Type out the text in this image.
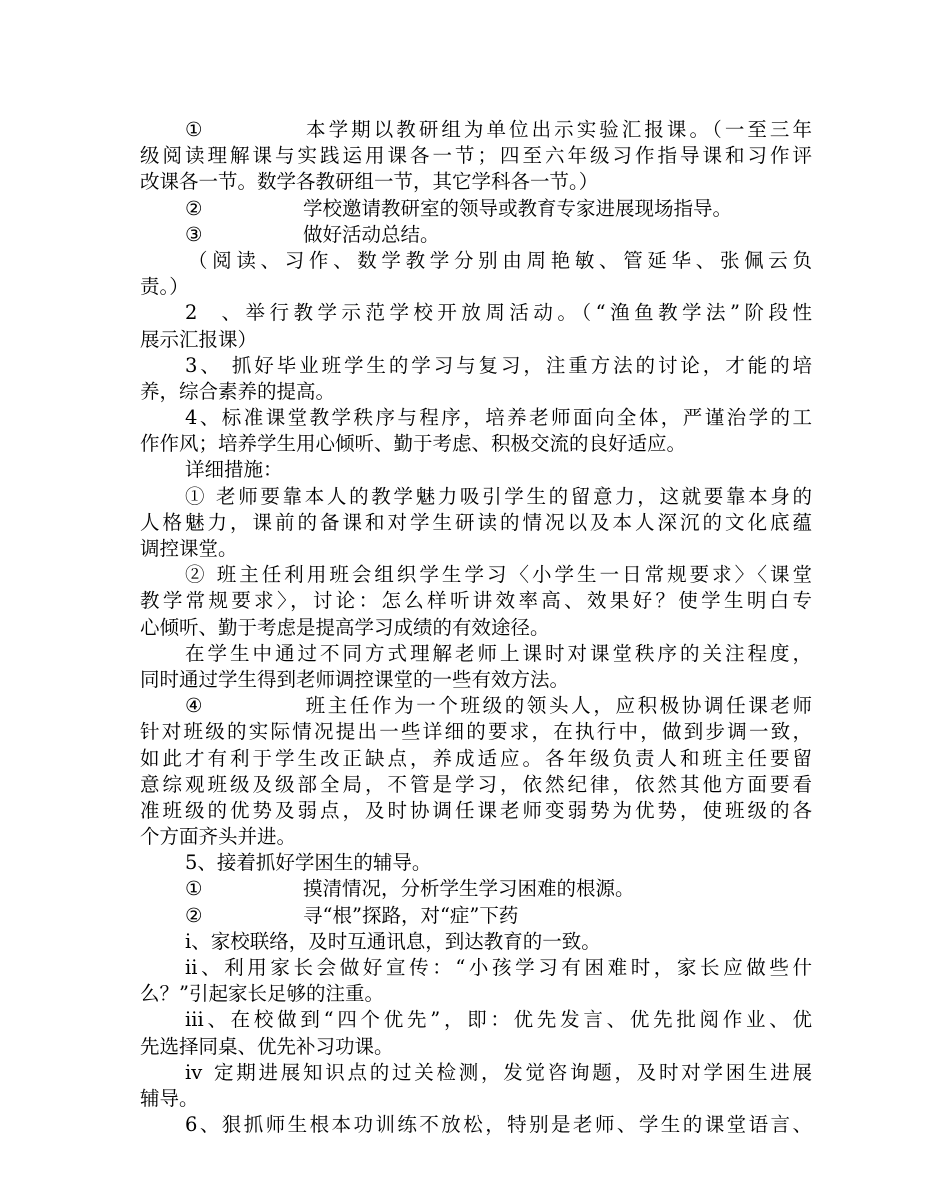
①	本学期以教研组为单位出示实验汇报课。（一至三年
级阅读理解课与实践运用课各一节；四至六年级习作指导课和习作评
改课各一节。数学各教研组一节，其它学科各一节。）
②	学校邀请教研室的领导或教育专家进展现场指导。
③	做好活动总结。
（阅读、习作、数学教学分别由周艳敏、管延华、张佩云负
责。）
2、举行教学示范学校开放周活动。（“渔鱼教学法”阶段性
展示汇报课）
3、 抓好毕业班学生的学习与复习，注重方法的讨论，才能的培
养，综合素养的提高。
4、标准课堂教学秩序与程序，培养老师面向全体，严谨治学的工
作作风；培养学生用心倾听、勤于考虑、积极交流的良好适应。
详细措施：
① 老师要靠本人的教学魅力吸引学生的留意力，这就要靠本身的
人格魅力，课前的备课和对学生研读的情况以及本人深沉的文化底蕴
调控课堂。
② 班主任利用班会组织学生学习〈小学生一日常规要求〉〈课堂
教学常规要求〉，讨论：怎么样听讲效率高、效果好？使学生明白专
心倾听、勤于考虑是提高学习成绩的有效途径。
在学生中通过不同方式理解老师上课时对课堂秩序的关注程度，
同时通过学生得到老师调控课堂的一些有效方法。
④	班主任作为一个班级的领头人，应积极协调任课老师
针对班级的实际情况提出一些详细的要求，在执行中，做到步调一致，
如此才有利于学生改正缺点，养成适应。各年级负责人和班主任要留
意综观班级及级部全局，不管是学习，依然纪律，依然其他方面要看
准班级的优势及弱点，及时协调任课老师变弱势为优势，使班级的各
个方面齐头并进。
5、接着抓好学困生的辅导。
①	摸清情况，分析学生学习困难的根源。
②	寻“根”探路，对“症”下药
ⅰ、家校联络，及时互通讯息，到达教育的一致。
ⅱ、利用家长会做好宣传：“小孩学习有困难时，家长应做些什
么？”引起家长足够的注重。
ⅲ、在校做到“四个优先”，即：优先发言、优先批阅作业、优
先选择同桌、优先补习功课。
ⅳ 定期进展知识点的过关检测，发觉咨询题，及时对学困生进展
辅导。
6、狠抓师生根本功训练不放松，特别是老师、学生的课堂语言、
